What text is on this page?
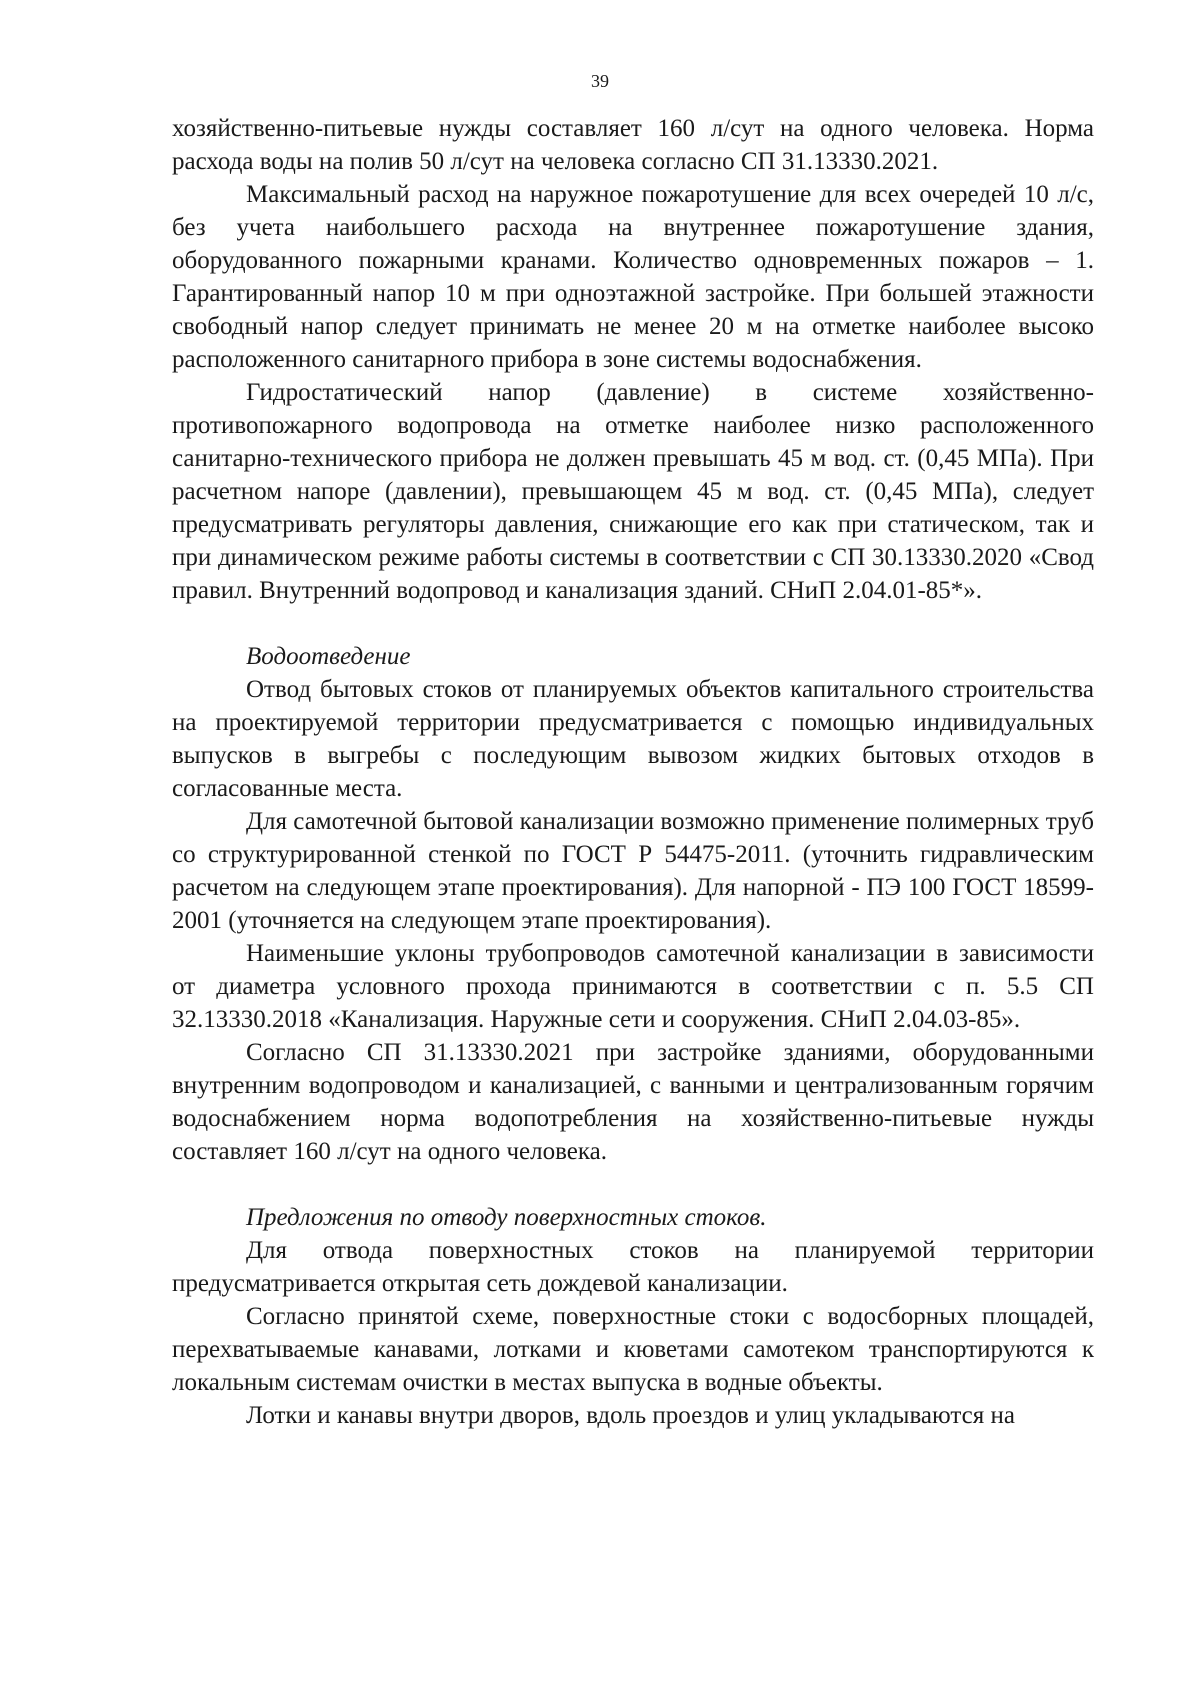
39

хозяйственно-питьевые нужды составляет 160 л/сут на одного человека. Норма расхода воды на полив 50 л/сут на человека согласно СП 31.13330.2021.

Максимальный расход на наружное пожаротушение для всех очередей 10 л/с, без учета наибольшего расхода на внутреннее пожаротушение здания, оборудованного пожарными кранами. Количество одновременных пожаров – 1. Гарантированный напор 10 м при одноэтажной застройке. При большей этажности свободный напор следует принимать не менее 20 м на отметке наиболее высоко расположенного санитарного прибора в зоне системы водоснабжения.

Гидростатический напор (давление) в системе хозяйственно-противопожарного водопровода на отметке наиболее низко расположенного санитарно-технического прибора не должен превышать 45 м вод. ст. (0,45 МПа). При расчетном напоре (давлении), превышающем 45 м вод. ст. (0,45 МПа), следует предусматривать регуляторы давления, снижающие его как при статическом, так и при динамическом режиме работы системы в соответствии с СП 30.13330.2020 «Свод правил. Внутренний водопровод и канализация зданий. СНиП 2.04.01-85*».

Водоотведение

Отвод бытовых стоков от планируемых объектов капитального строительства на проектируемой территории предусматривается с помощью индивидуальных выпусков в выгребы с последующим вывозом жидких бытовых отходов в согласованные места.

Для самотечной бытовой канализации возможно применение полимерных труб со структурированной стенкой по ГОСТ Р 54475-2011. (уточнить гидравлическим расчетом на следующем этапе проектирования). Для напорной - ПЭ 100 ГОСТ 18599-2001 (уточняется на следующем этапе проектирования).

Наименьшие уклоны трубопроводов самотечной канализации в зависимости от диаметра условного прохода принимаются в соответствии с п. 5.5 СП 32.13330.2018 «Канализация. Наружные сети и сооружения. СНиП 2.04.03-85».

Согласно СП 31.13330.2021 при застройке зданиями, оборудованными внутренним водопроводом и канализацией, с ванными и централизованным горячим водоснабжением норма водопотребления на хозяйственно-питьевые нужды составляет 160 л/сут на одного человека.

Предложения по отводу поверхностных стоков.

Для отвода поверхностных стоков на планируемой территории предусматривается открытая сеть дождевой канализации.

Согласно принятой схеме, поверхностные стоки с водосборных площадей, перехватываемые канавами, лотками и кюветами самотеком транспортируются к локальным системам очистки в местах выпуска в водные объекты.

Лотки и канавы внутри дворов, вдоль проездов и улиц укладываются на
